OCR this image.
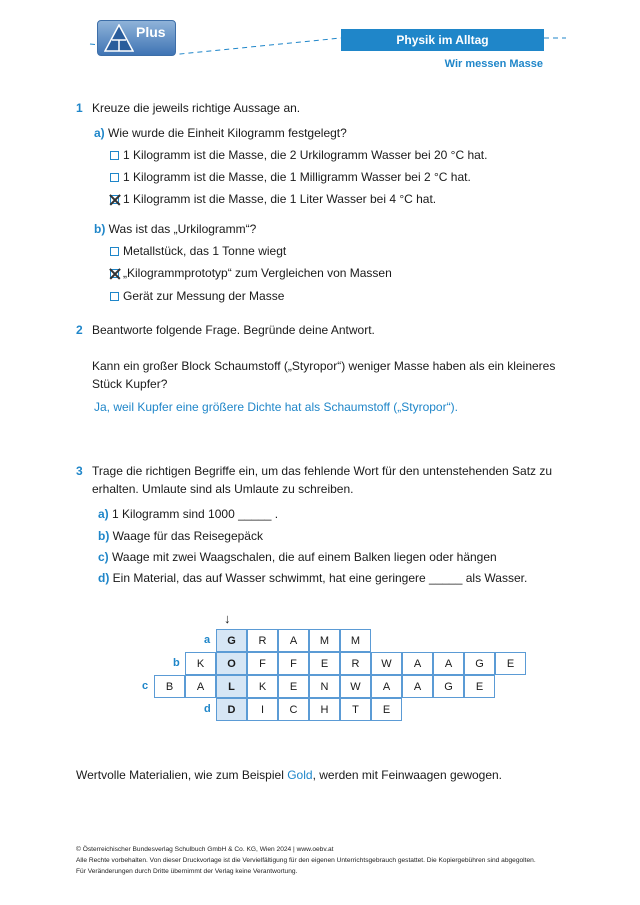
Plus	Physik im Alltag
Wir messen Masse
1 Kreuze die jeweils richtige Aussage an.
a) Wie wurde die Einheit Kilogramm festgelegt?
1 Kilogramm ist die Masse, die 2 Urkilogramm Wasser bei 20 °C hat.
1 Kilogramm ist die Masse, die 1 Milligramm Wasser bei 2 °C hat.
1 Kilogramm ist die Masse, die 1 Liter Wasser bei 4 °C hat.
b) Was ist das „Urkilogramm“?
Metallstück, das 1 Tonne wiegt
„Kilogrammprototyp“ zum Vergleichen von Massen
Gerät zur Messung der Masse
2 Beantworte folgende Frage. Begründe deine Antwort.
Kann ein großer Block Schaumstoff („Styropor“) weniger Masse haben als ein kleineres
Stück Kupfer?
Ja, weil Kupfer eine größere Dichte hat als Schaumstoff („Styropor“).
3 Trage die richtigen Begriffe ein, um das fehlende Wort für den untenstehenden Satz zu
erhalten. Umlaute sind als Umlaute zu schreiben.
a) 1 Kilogramm sind 1000 _____ .
b) Waage für das Reisegepäck
c) Waage mit zwei Waagschalen, die auf einem Balken liegen oder hängen
d) Ein Material, das auf Wasser schwimmt, hat eine geringere _____ als Wasser.
↓
a	G	R	A	M	M
b	K	O	F	F	E	R	W	A	A	G	E
c	B	A	L	K	E	N	W	A	A	G	E
d	D	I	C	H	T	E
Wertvolle Materialien, wie zum Beispiel Gold, werden mit Feinwaagen gewogen.
© Österreichischer Bundesverlag Schulbuch GmbH & Co. KG, Wien 2024 | www.oebv.at
Alle Rechte vorbehalten. Von dieser Druckvorlage ist die Vervielfältigung für den eigenen Unterrichtsgebrauch gestattet. Die Kopiergebühren sind abgegolten.
Für Veränderungen durch Dritte übernimmt der Verlag keine Verantwortung.
